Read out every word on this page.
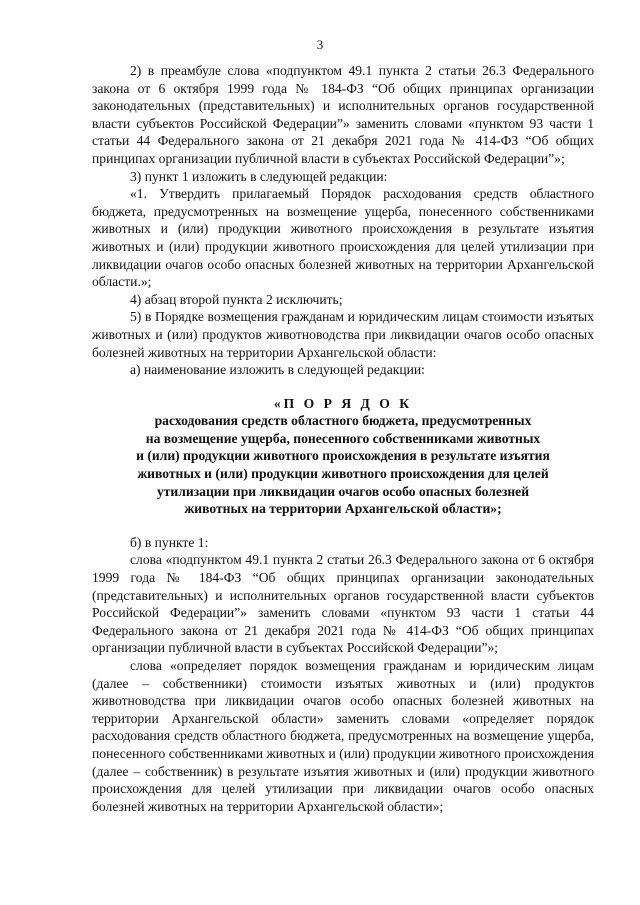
3

2) в преамбуле слова «подпунктом 49.1 пункта 2 статьи 26.3 Федерального закона от 6 октября 1999 года № 184-ФЗ “Об общих принципах организации законодательных (представительных) и исполнительных органов государственной власти субъектов Российской Федерации”» заменить словами «пунктом 93 части 1 статьи 44 Федерального закона от 21 декабря 2021 года № 414-ФЗ “Об общих принципах организации публичной власти в субъектах Российской Федерации”»;

3) пункт 1 изложить в следующей редакции:

«1. Утвердить прилагаемый Порядок расходования средств областного бюджета, предусмотренных на возмещение ущерба, понесенного собственниками животных и (или) продукции животного происхождения в результате изъятия животных и (или) продукции животного происхождения для целей утилизации при ликвидации очагов особо опасных болезней животных на территории Архангельской области.»;

4) абзац второй пункта 2 исключить;

5) в Порядке возмещения гражданам и юридическим лицам стоимости изъятых животных и (или) продуктов животноводства при ликвидации очагов особо опасных болезней животных на территории Архангельской области:

а) наименование изложить в следующей редакции:

«П О Р Я Д О К

расходования средств областного бюджета, предусмотренных

на возмещение ущерба, понесенного собственниками животных

и (или) продукции животного происхождения в результате изъятия

животных и (или) продукции животного происхождения для целей

утилизации при ликвидации очагов особо опасных болезней

животных на территории Архангельской области»;

б) в пункте 1:

слова «подпунктом 49.1 пункта 2 статьи 26.3 Федерального закона от 6 октября 1999 года № 184-ФЗ “Об общих принципах организации законодательных (представительных) и исполнительных органов государственной власти субъектов Российской Федерации”» заменить словами «пунктом 93 части 1 статьи 44 Федерального закона от 21 декабря 2021 года № 414-ФЗ “Об общих принципах организации публичной власти в субъектах Российской Федерации”»;

слова «определяет порядок возмещения гражданам и юридическим лицам (далее – собственники) стоимости изъятых животных и (или) продуктов животноводства при ликвидации очагов особо опасных болезней животных на территории Архангельской области» заменить словами «определяет порядок расходования средств областного бюджета, предусмотренных на возмещение ущерба, понесенного собственниками животных и (или) продукции животного происхождения (далее – собственник) в результате изъятия животных и (или) продукции животного происхождения для целей утилизации при ликвидации очагов особо опасных болезней животных на территории Архангельской области»;
